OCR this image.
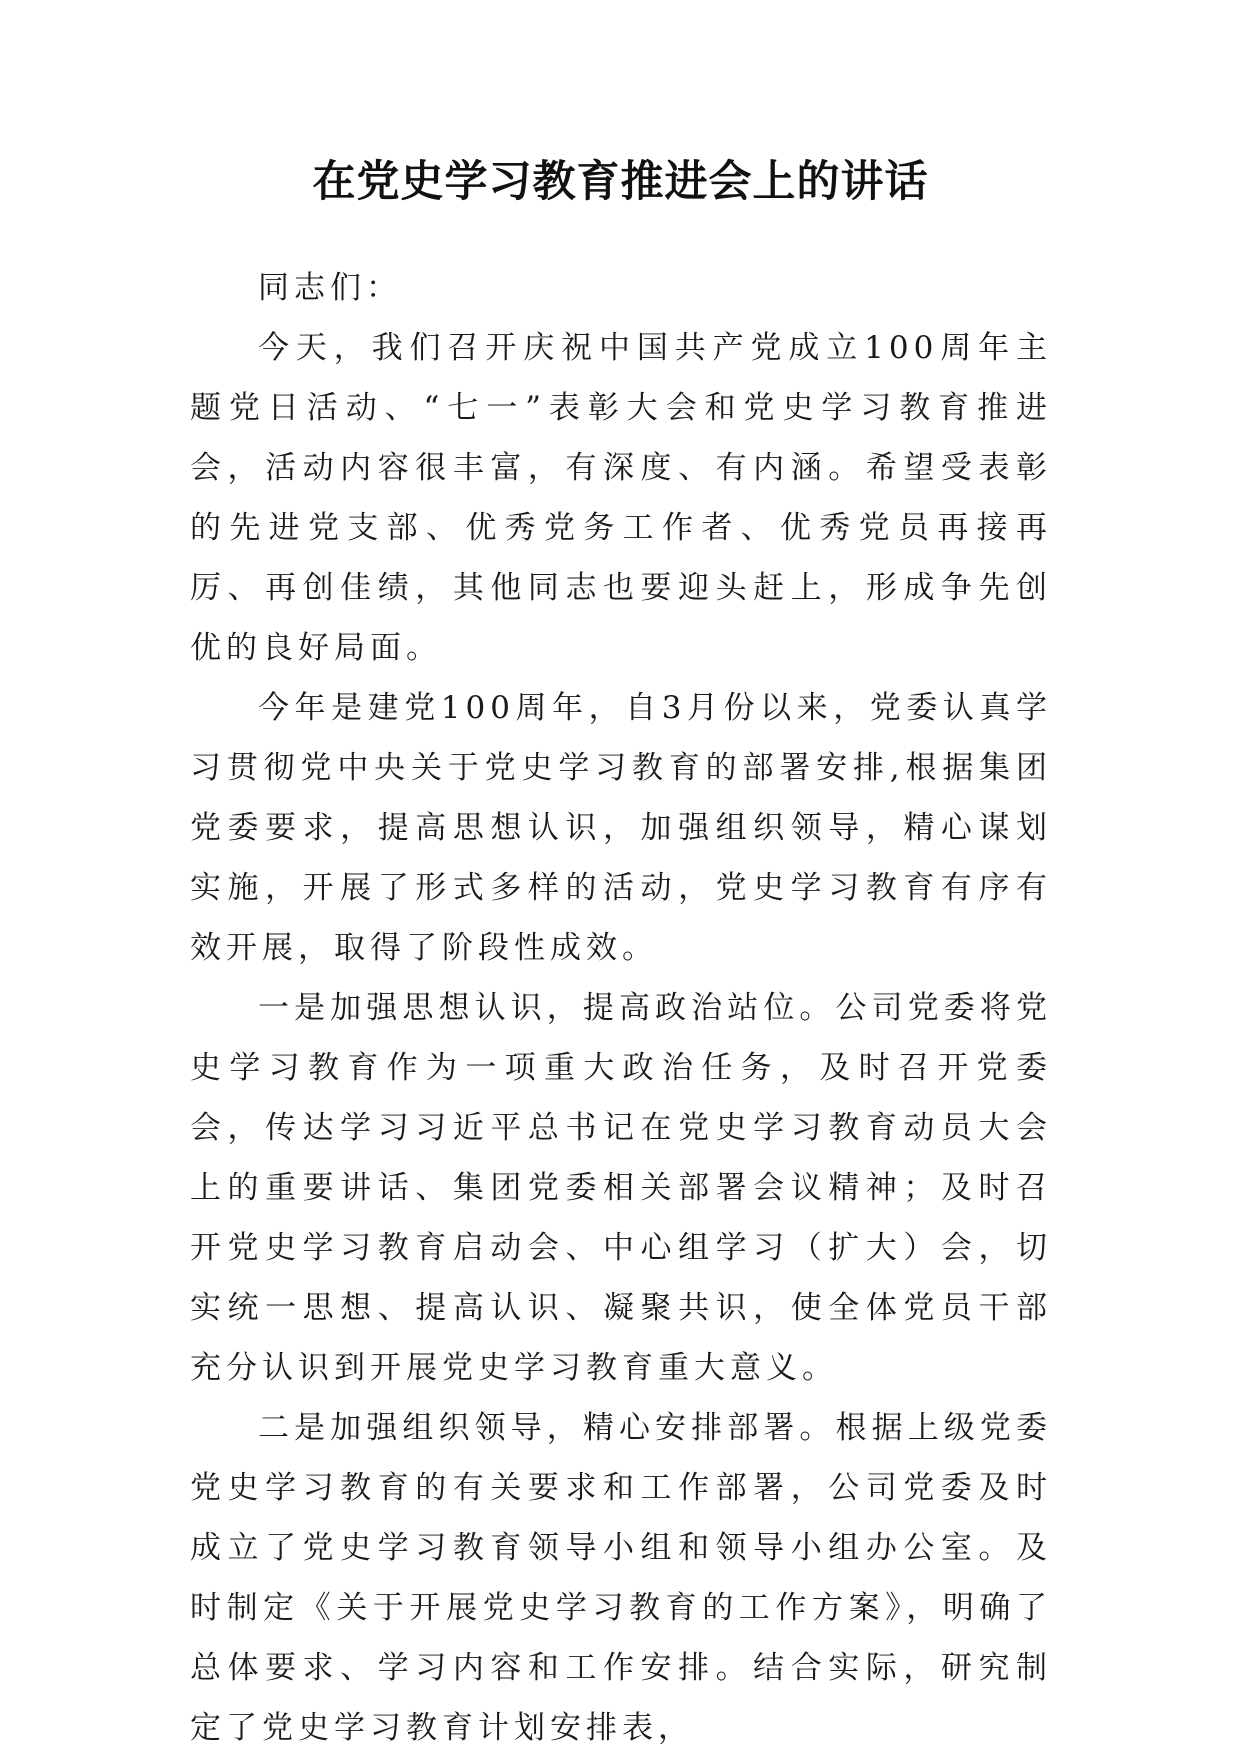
在党史学习教育推进会上的讲话

同志们：

今天，我们召开庆祝中国共产党成立100周年主题党日活动、“七一”表彰大会和党史学习教育推进会，活动内容很丰富，有深度、有内涵。希望受表彰的先进党支部、优秀党务工作者、优秀党员再接再厉、再创佳绩，其他同志也要迎头赶上，形成争先创优的良好局面。

今年是建党100周年，自3月份以来，党委认真学习贯彻党中央关于党史学习教育的部署安排,根据集团党委要求，提高思想认识，加强组织领导，精心谋划实施，开展了形式多样的活动，党史学习教育有序有效开展，取得了阶段性成效。

一是加强思想认识，提高政治站位。公司党委将党史学习教育作为一项重大政治任务，及时召开党委会，传达学习习近平总书记在党史学习教育动员大会上的重要讲话、集团党委相关部署会议精神；及时召开党史学习教育启动会、中心组学习（扩大）会，切实统一思想、提高认识、凝聚共识，使全体党员干部充分认识到开展党史学习教育重大意义。

二是加强组织领导，精心安排部署。根据上级党委党史学习教育的有关要求和工作部署，公司党委及时成立了党史学习教育领导小组和领导小组办公室。及时制定《关于开展党史学习教育的工作方案》，明确了总体要求、学习内容和工作安排。结合实际，研究制定了党史学习教育计划安排表，
